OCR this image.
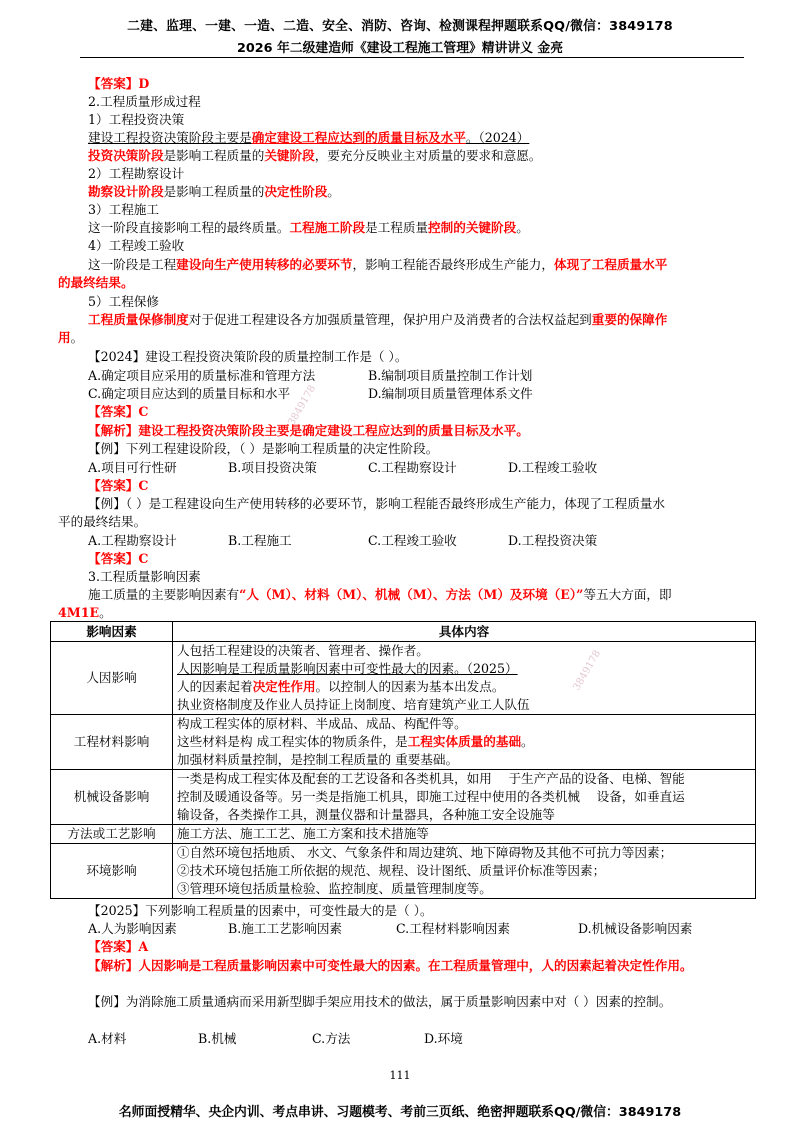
二建、监理、一建、一造、二造、安全、消防、咨询、检测课程押题联系QQ/微信：3849178
2026 年二级建造师《建设工程施工管理》精讲讲义 金亮
3849178
3849178
【答案】D
2.工程质量形成过程
1）工程投资决策
建设工程投资决策阶段主要是确定建设工程应达到的质量目标及水平。（2024）
投资决策阶段是影响工程质量的关键阶段，要充分反映业主对质量的要求和意愿。
2）工程勘察设计
勘察设计阶段是影响工程质量的决定性阶段。
3）工程施工
这一阶段直接影响工程的最终质量。工程施工阶段是工程质量控制的关键阶段。
4）工程竣工验收
这一阶段是工程建设向生产使用转移的必要环节，影响工程能否最终形成生产能力，体现了工程质量水平
的最终结果。
5）工程保修
工程质量保修制度对于促进工程建设各方加强质量管理，保护用户及消费者的合法权益起到重要的保障作
用。
【2024】建设工程投资决策阶段的质量控制工作是（ ）。
A.确定项目应采用的质量标准和管理方法	B.编制项目质量控制工作计划
C.确定项目应达到的质量目标和水平	D.编制项目质量管理体系文件
【答案】C
【解析】建设工程投资决策阶段主要是确定建设工程应达到的质量目标及水平。
【例】下列工程建设阶段，（ ）是影响工程质量的决定性阶段。
A.项目可行性研	B.项目投资决策	C.工程勘察设计	D.工程竣工验收
【答案】C
【例】（ ）是工程建设向生产使用转移的必要环节，影响工程能否最终形成生产能力，体现了工程质量水
平的最终结果。
A.工程勘察设计	B.工程施工	C.工程竣工验收	D.工程投资决策
【答案】C
3.工程质量影响因素
施工质量的主要影响因素有“人（M）、材料（M）、机械（M）、方法（M）及环境（E）”等五大方面，即
4M1E。
影响因素	具体内容
人因影响	人包括工程建设的决策者、管理者、操作者。
人因影响是工程质量影响因素中可变性最大的因素。（2025）
人的因素起着决定性作用。以控制人的因素为基本出发点。
执业资格制度及作业人员持证上岗制度、培育建筑产业工人队伍

工程材料影响	构成工程实体的原材料、半成品、成品、构配件等。
这些材料是构 成工程实体的物质条件，是工程实体质量的基础。
加强材料质量控制，是控制工程质量的 重要基础。

机械设备影响	一类是构成工程实体及配套的工艺设备和各类机具，如用　 于生产产品的设备、电梯、智能
控制及暖通设备等。另一类是指施工机具，即施工过程中使用的各类机械　 设备，如垂直运
输设备，各类操作工具，测量仪器和计量器具，各种施工安全设施等

方法或工艺影响	施工方法、施工工艺、施工方案和技术措施等
环境影响	①自然环境包括地质、 水文、气象条件和周边建筑、地下障碍物及其他不可抗力等因素；
②技术环境包括施工所依据的规范、规程、设计图纸、质量评价标准等因素；
③管理环境包括质量检验、监控制度、质量管理制度等。
【2025】下列影响工程质量的因素中，可变性最大的是（ ）。
A.人为影响因素	B.施工工艺影响因素	C.工程材料影响因素	D.机械设备影响因素
【答案】A
【解析】人因影响是工程质量影响因素中可变性最大的因素。在工程质量管理中，人的因素起着决定性作用。
【例】为消除施工质量通病而采用新型脚手架应用技术的做法，属于质量影响因素中对（ ）因素的控制。
A.材料	B.机械	C.方法	D.环境
111
名师面授精华、央企内训、考点串讲、习题模考、考前三页纸、绝密押题联系QQ/微信：3849178
